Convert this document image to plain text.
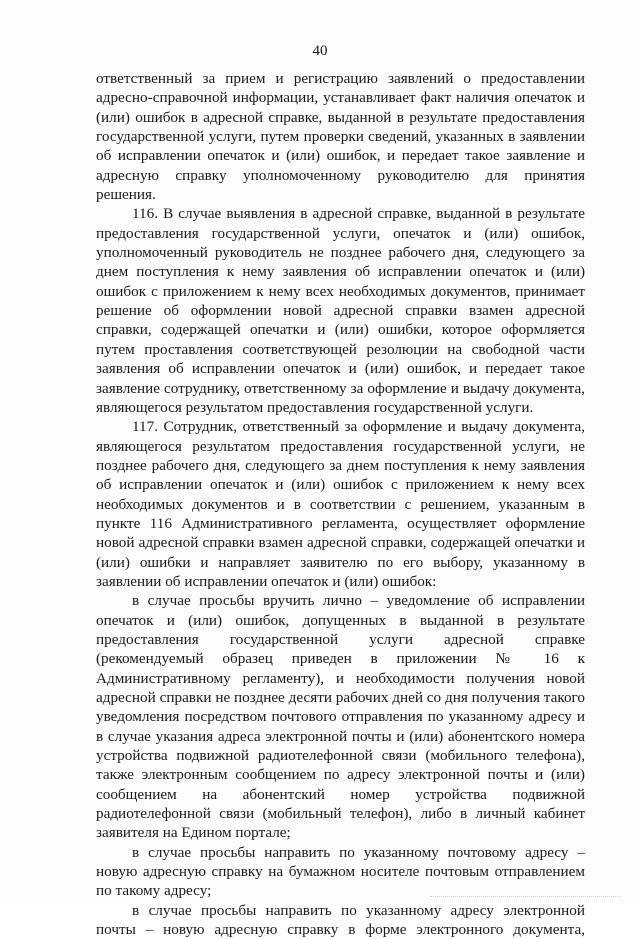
40

ответственный за прием и регистрацию заявлений о предоставлении адресно-справочной информации, устанавливает факт наличия опечаток и (или) ошибок в адресной справке, выданной в результате предоставления государственной услуги, путем проверки сведений, указанных в заявлении об исправлении опечаток и (или) ошибок, и передает такое заявление и адресную справку уполномоченному руководителю для принятия решения.

116. В случае выявления в адресной справке, выданной в результате предоставления государственной услуги, опечаток и (или) ошибок, уполномоченный руководитель не позднее рабочего дня, следующего за днем поступления к нему заявления об исправлении опечаток и (или) ошибок с приложением к нему всех необходимых документов, принимает решение об оформлении новой адресной справки взамен адресной справки, содержащей опечатки и (или) ошибки, которое оформляется путем проставления соответствующей резолюции на свободной части заявления об исправлении опечаток и (или) ошибок, и передает такое заявление сотруднику, ответственному за оформление и выдачу документа, являющегося результатом предоставления государственной услуги.

117. Сотрудник, ответственный за оформление и выдачу документа, являющегося результатом предоставления государственной услуги, не позднее рабочего дня, следующего за днем поступления к нему заявления об исправлении опечаток и (или) ошибок с приложением к нему всех необходимых документов и в соответствии с решением, указанным в пункте 116 Административного регламента, осуществляет оформление новой адресной справки взамен адресной справки, содержащей опечатки и (или) ошибки и направляет заявителю по его выбору, указанному в заявлении об исправлении опечаток и (или) ошибок:

в случае просьбы вручить лично – уведомление об исправлении опечаток и (или) ошибок, допущенных в выданной в результате предоставления государственной услуги адресной справке (рекомендуемый образец приведен в приложении № 16 к Административному регламенту), и необходимости получения новой адресной справки не позднее десяти рабочих дней со дня получения такого уведомления посредством почтового отправления по указанному адресу и в случае указания адреса электронной почты и (или) абонентского номера устройства подвижной радиотелефонной связи (мобильного телефона), также электронным сообщением по адресу электронной почты и (или) сообщением на абонентский номер устройства подвижной радиотелефонной связи (мобильный телефон), либо в личный кабинет заявителя на Едином портале;

в случае просьбы направить по указанному почтовому адресу – новую адресную справку на бумажном носителе почтовым отправлением по такому адресу;

в случае просьбы направить по указанному адресу электронной почты – новую адресную справку в форме электронного документа,
